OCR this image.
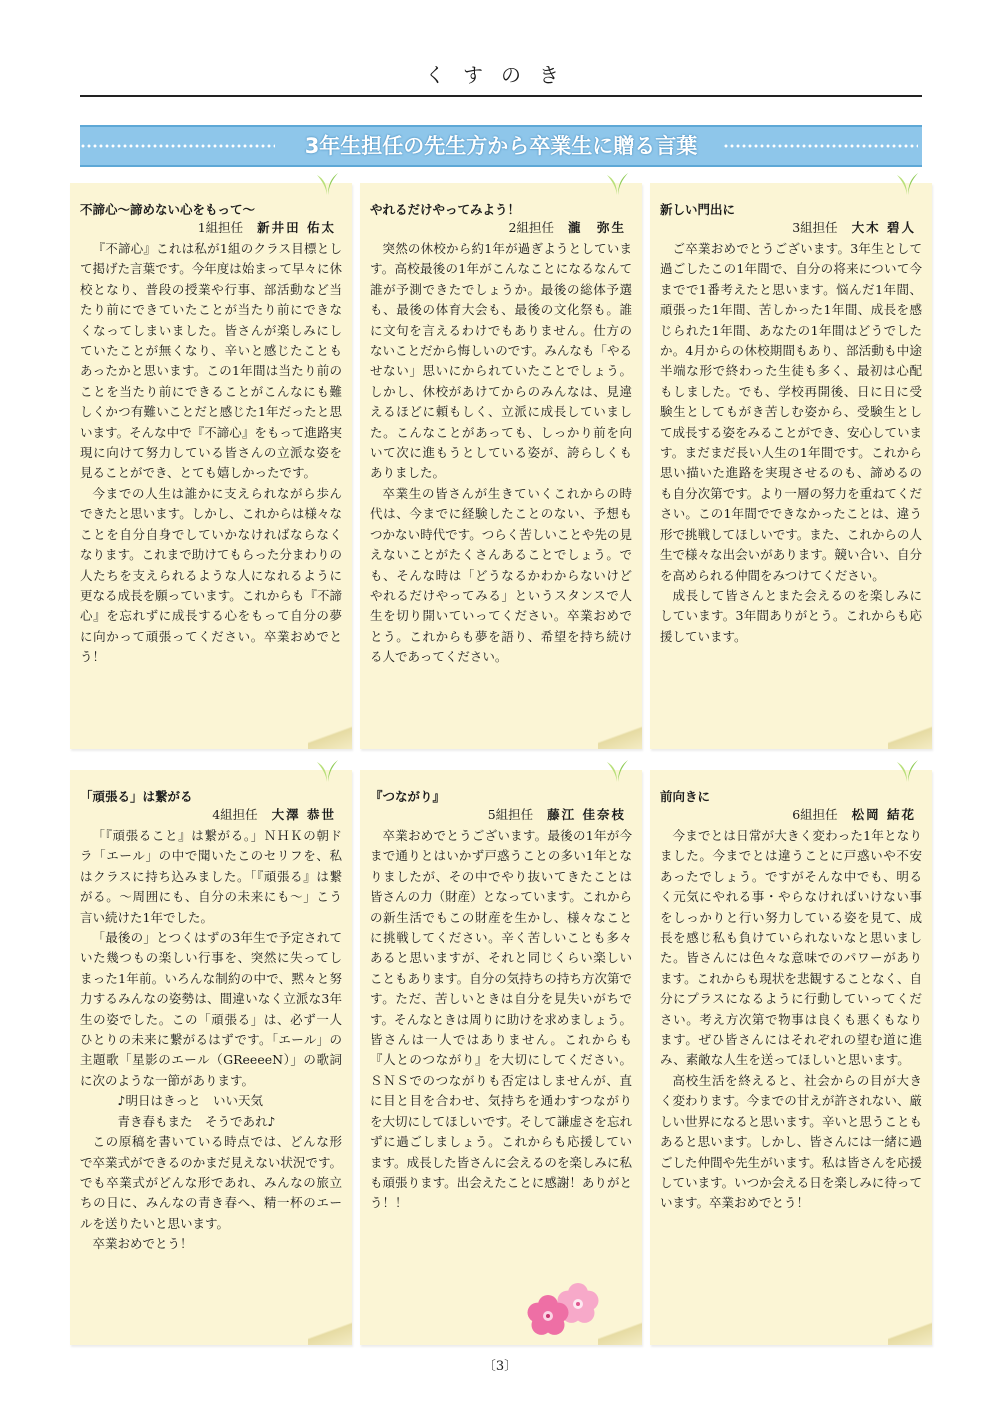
くすのき
3年生担任の先生方から卒業生に贈る言葉
不諦心～諦めない心をもって～
1組担任 新井田 佑太

『不諦心』これは私が1組のクラス目標として掲げた言葉です。今年度は始まって早々に休校となり、普段の授業や行事、部活動など当たり前にできていたことが当たり前にできなくなってしまいました。皆さんが楽しみにしていたことが無くなり、辛いと感じたこともあったかと思います。この1年間は当たり前のことを当たり前にできることがこんなにも難しくかつ有難いことだと感じた1年だったと思います。そんな中で『不諦心』をもって進路実現に向けて努力している皆さんの立派な姿を見ることができ、とても嬉しかったです。

今までの人生は誰かに支えられながら歩んできたと思います。しかし、これからは様々なことを自分自身でしていかなければならなくなります。これまで助けてもらった分まわりの人たちを支えられるような人になれるように更なる成長を願っています。これからも『不諦心』を忘れずに成長する心をもって自分の夢に向かって頑張ってください。卒業おめでとう！

やれるだけやってみよう！
2組担任 瀧　弥生

突然の休校から約1年が過ぎようとしています。高校最後の1年がこんなことになるなんて誰が予測できたでしょうか。最後の総体予選も、最後の体育大会も、最後の文化祭も。誰に文句を言えるわけでもありません。仕方のないことだから悔しいのです。みんなも「やるせない」思いにかられていたことでしょう。しかし、休校があけてからのみんなは、見違えるほどに頼もしく、立派に成長していました。こんなことがあっても、しっかり前を向いて次に進もうとしている姿が、誇らしくもありました。

卒業生の皆さんが生きていくこれからの時代は、今までに経験したことのない、予想もつかない時代です。つらく苦しいことや先の見えないことがたくさんあることでしょう。でも、そんな時は「どうなるかわからないけどやれるだけやってみる」というスタンスで人生を切り開いていってください。卒業おめでとう。これからも夢を語り、希望を持ち続ける人であってください。

新しい門出に
3組担任 大木 碧人

ご卒業おめでとうございます。3年生として過ごしたこの1年間で、自分の将来について今までで1番考えたと思います。悩んだ1年間、頑張った1年間、苦しかった1年間、成長を感じられた1年間、あなたの1年間はどうでしたか。4月からの休校期間もあり、部活動も中途半端な形で終わった生徒も多く、最初は心配もしました。でも、学校再開後、日に日に受験生としてもがき苦しむ姿から、受験生として成長する姿をみることができ、安心しています。まだまだ長い人生の1年間です。これから思い描いた進路を実現させるのも、諦めるのも自分次第です。より一層の努力を重ねてください。この1年間でできなかったことは、違う形で挑戦してほしいです。また、これからの人生で様々な出会いがあります。競い合い、自分を高められる仲間をみつけてください。

成長して皆さんとまた会えるのを楽しみにしています。3年間ありがとう。これからも応援しています。

「頑張る」は繋がる
4組担任 大澤 恭世

「『頑張ること』は繋がる。」ＮＨＫの朝ドラ「エール」の中で聞いたこのセリフを、私はクラスに持ち込みました。「『頑張る』は繋がる。～周囲にも、自分の未来にも～」こう言い続けた1年でした。

「最後の」とつくはずの3年生で予定されていた幾つもの楽しい行事を、突然に失ってしまった1年前。いろんな制約の中で、黙々と努力するみんなの姿勢は、間違いなく立派な3年生の姿でした。この「頑張る」は、必ず一人ひとりの未来に繋がるはずです。「エール」の主題歌「星影のエール（GReeeeN）」の歌詞に次のような一節があります。

♪明日はきっと　いい天気

青き春もまた　そうであれ♪

この原稿を書いている時点では、どんな形で卒業式ができるのかまだ見えない状況です。でも卒業式がどんな形であれ、みんなの旅立ちの日に、みんなの青き春へ、精一杯のエールを送りたいと思います。

卒業おめでとう！

『つながり』
5組担任 藤江 佳奈枝

卒業おめでとうございます。最後の1年が今まで通りとはいかず戸惑うことの多い1年となりましたが、その中でやり抜いてきたことは皆さんの力（財産）となっています。これからの新生活でもこの財産を生かし、様々なことに挑戦してください。辛く苦しいことも多々あると思いますが、それと同じくらい楽しいこともあります。自分の気持ちの持ち方次第です。ただ、苦しいときは自分を見失いがちです。そんなときは周りに助けを求めましょう。皆さんは一人ではありません。これからも『人とのつながり』を大切にしてください。ＳＮＳでのつながりも否定はしませんが、直に目と目を合わせ、気持ちを通わすつながりを大切にしてほしいです。そして謙虚さを忘れずに過ごしましょう。これからも応援しています。成長した皆さんに会えるのを楽しみに私も頑張ります。出会えたことに感謝！ありがとう！！

前向きに
6組担任 松岡 結花

今までとは日常が大きく変わった1年となりました。今までとは違うことに戸惑いや不安あったでしょう。ですがそんな中でも、明るく元気にやれる事・やらなければいけない事をしっかりと行い努力している姿を見て、成長を感じ私も負けていられないなと思いました。皆さんには色々な意味でのパワーがあります。これからも現状を悲観することなく、自分にプラスになるように行動していってください。考え方次第で物事は良くも悪くもなります。ぜひ皆さんにはそれぞれの望む道に進み、素敵な人生を送ってほしいと思います。

高校生活を終えると、社会からの目が大きく変わります。今までの甘えが許されない、厳しい世界になると思います。辛いと思うこともあると思います。しかし、皆さんには一緒に過ごした仲間や先生がいます。私は皆さんを応援しています。いつか会える日を楽しみに待っています。卒業おめでとう！

〔3〕
